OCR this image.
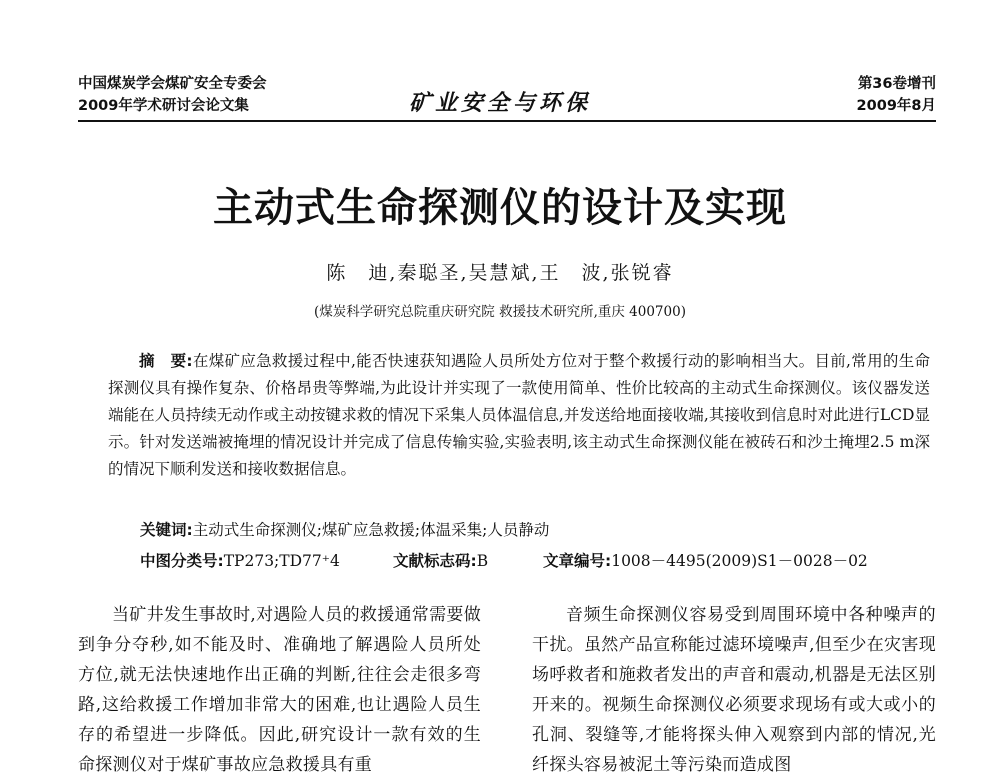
中国煤炭学会煤矿安全专委会
2009年学术研讨会论文集	矿业安全与环保
第36卷增刊
2009年8月
主动式生命探测仪的设计及实现
陈　迪,秦聪圣,吴慧斌,王　波,张锐睿
(煤炭科学研究总院重庆研究院 救援技术研究所,重庆 400700)
摘　要:在煤矿应急救援过程中,能否快速获知遇险人员所处方位对于整个救援行动的影响相当大。目前,常用的生命探测仪具有操作复杂、价格昂贵等弊端,为此设计并实现了一款使用简单、性价比较高的主动式生命探测仪。该仪器发送端能在人员持续无动作或主动按键求救的情况下采集人员体温信息,并发送给地面接收端,其接收到信息时对此进行LCD显示。针对发送端被掩埋的情况设计并完成了信息传输实验,实验表明,该主动式生命探测仪能在被砖石和沙土掩埋2.5 m深的情况下顺利发送和接收数据信息。
关键词:主动式生命探测仪;煤矿应急救援;体温采集;人员静动
中图分类号:TP273;TD77⁺4	文献标志码:B	文章编号:1008－4495(2009)S1－0028－02
当矿井发生事故时,对遇险人员的救援通常需要做到争分夺秒,如不能及时、准确地了解遇险人员所处方位,就无法快速地作出正确的判断,往往会走很多弯路,这给救援工作增加非常大的困难,也让遇险人员生存的希望进一步降低。因此,研究设计一款有效的生命探测仪对于煤矿事故应急救援具有重
音频生命探测仪容易受到周围环境中各种噪声的干扰。虽然产品宣称能过滤环境噪声,但至少在灾害现场呼救者和施救者发出的声音和震动,机器是无法区别开来的。视频生命探测仪必须要求现场有或大或小的孔洞、裂缝等,才能将探头伸入观察到内部的情况,光纤探头容易被泥土等污染而造成图
